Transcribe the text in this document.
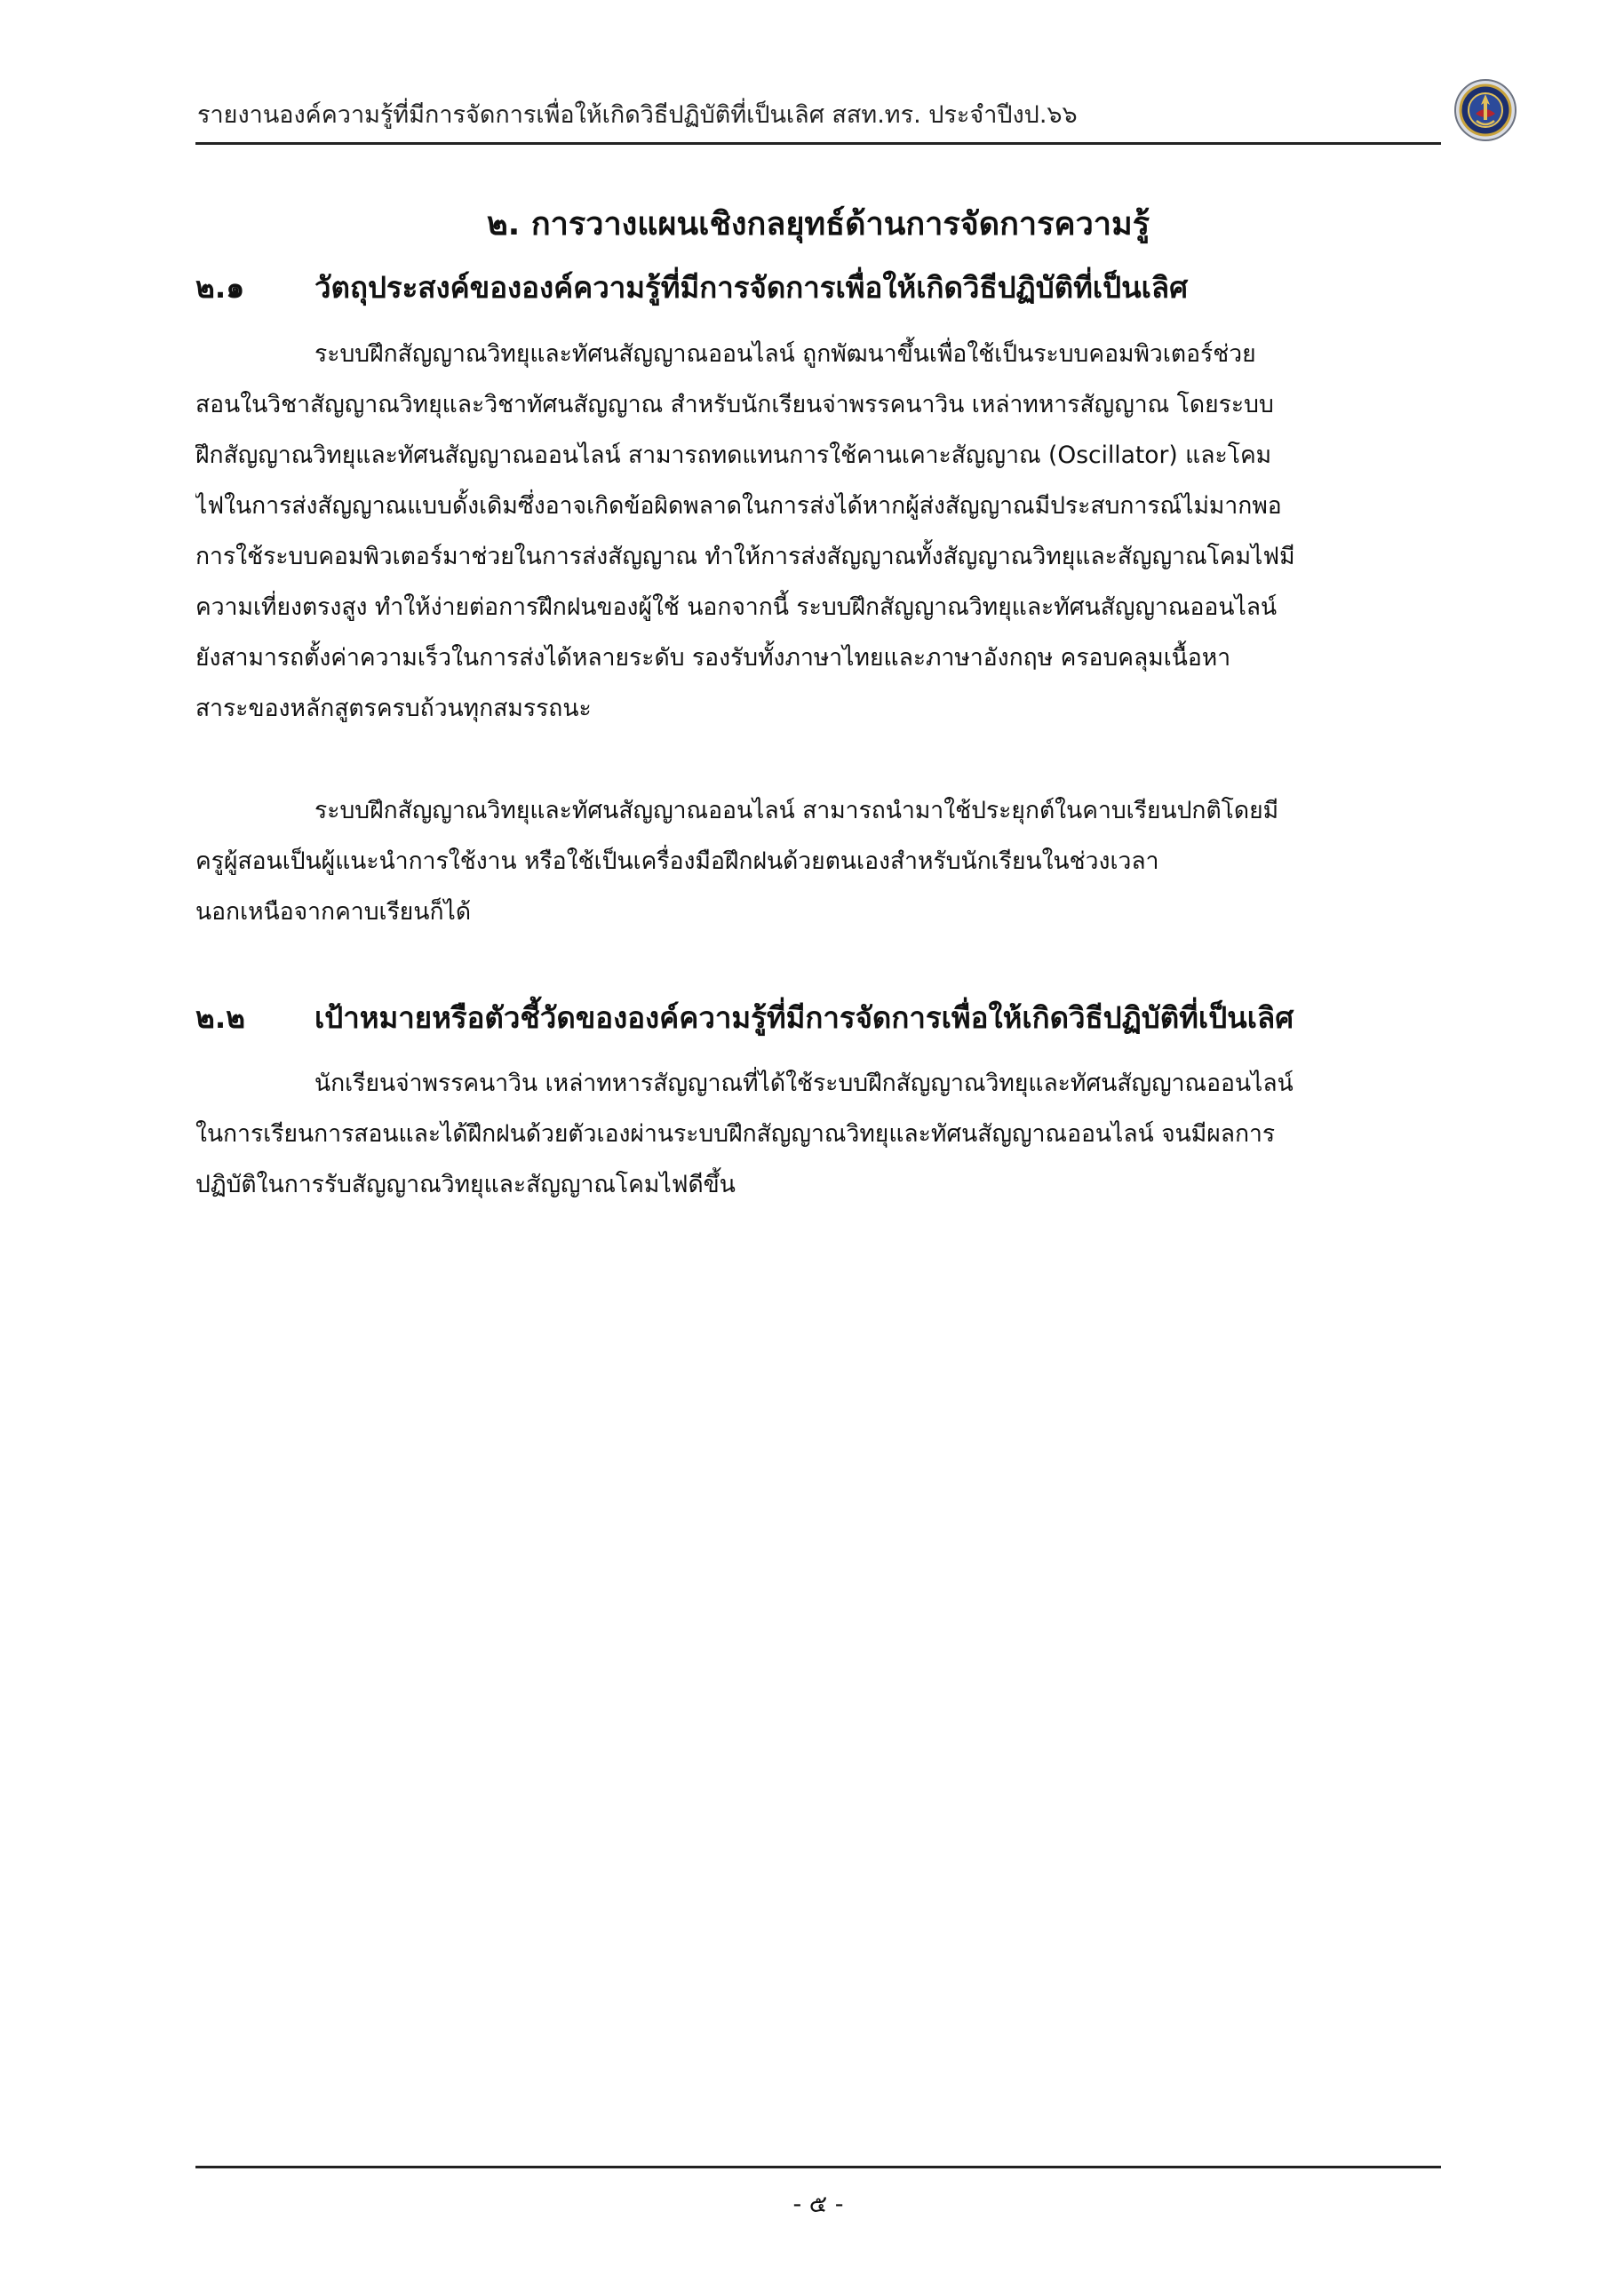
รายงานองค์ความรู้ที่มีการจัดการเพื่อให้เกิดวิธีปฏิบัติที่เป็นเลิศ สสท.ทร. ประจำปีงป.๖๖
๒. การวางแผนเชิงกลยุทธ์ด้านการจัดการความรู้
๒.๑ วัตถุประสงค์ขององค์ความรู้ที่มีการจัดการเพื่อให้เกิดวิธีปฏิบัติที่เป็นเลิศ
ระบบฝึกสัญญาณวิทยุและทัศนสัญญาณออนไลน์ ถูกพัฒนาขึ้นเพื่อใช้เป็นระบบคอมพิวเตอร์ช่วย
สอนในวิชาสัญญาณวิทยุและวิชาทัศนสัญญาณ สำหรับนักเรียนจ่าพรรคนาวิน เหล่าทหารสัญญาณ โดยระบบ
ฝึกสัญญาณวิทยุและทัศนสัญญาณออนไลน์ สามารถทดแทนการใช้คานเคาะสัญญาณ (Oscillator) และโคม
ไฟในการส่งสัญญาณแบบดั้งเดิมซึ่งอาจเกิดข้อผิดพลาดในการส่งได้หากผู้ส่งสัญญาณมีประสบการณ์ไม่มากพอ
การใช้ระบบคอมพิวเตอร์มาช่วยในการส่งสัญญาณ ทำให้การส่งสัญญาณทั้งสัญญาณวิทยุและสัญญาณโคมไฟมี
ความเที่ยงตรงสูง ทำให้ง่ายต่อการฝึกฝนของผู้ใช้ นอกจากนี้ ระบบฝึกสัญญาณวิทยุและทัศนสัญญาณออนไลน์
ยังสามารถตั้งค่าความเร็วในการส่งได้หลายระดับ รองรับทั้งภาษาไทยและภาษาอังกฤษ ครอบคลุมเนื้อหา
สาระของหลักสูตรครบถ้วนทุกสมรรถนะ
ระบบฝึกสัญญาณวิทยุและทัศนสัญญาณออนไลน์ สามารถนำมาใช้ประยุกต์ในคาบเรียนปกติโดยมี
ครูผู้สอนเป็นผู้แนะนำการใช้งาน หรือใช้เป็นเครื่องมือฝึกฝนด้วยตนเองสำหรับนักเรียนในช่วงเวลา
นอกเหนือจากคาบเรียนก็ได้
๒.๒ เป้าหมายหรือตัวชี้วัดขององค์ความรู้ที่มีการจัดการเพื่อให้เกิดวิธีปฏิบัติที่เป็นเลิศ
นักเรียนจ่าพรรคนาวิน เหล่าทหารสัญญาณที่ได้ใช้ระบบฝึกสัญญาณวิทยุและทัศนสัญญาณออนไลน์
ในการเรียนการสอนและได้ฝึกฝนด้วยตัวเองผ่านระบบฝึกสัญญาณวิทยุและทัศนสัญญาณออนไลน์ จนมีผลการ
ปฏิบัติในการรับสัญญาณวิทยุและสัญญาณโคมไฟดีขึ้น
- ๕ -
